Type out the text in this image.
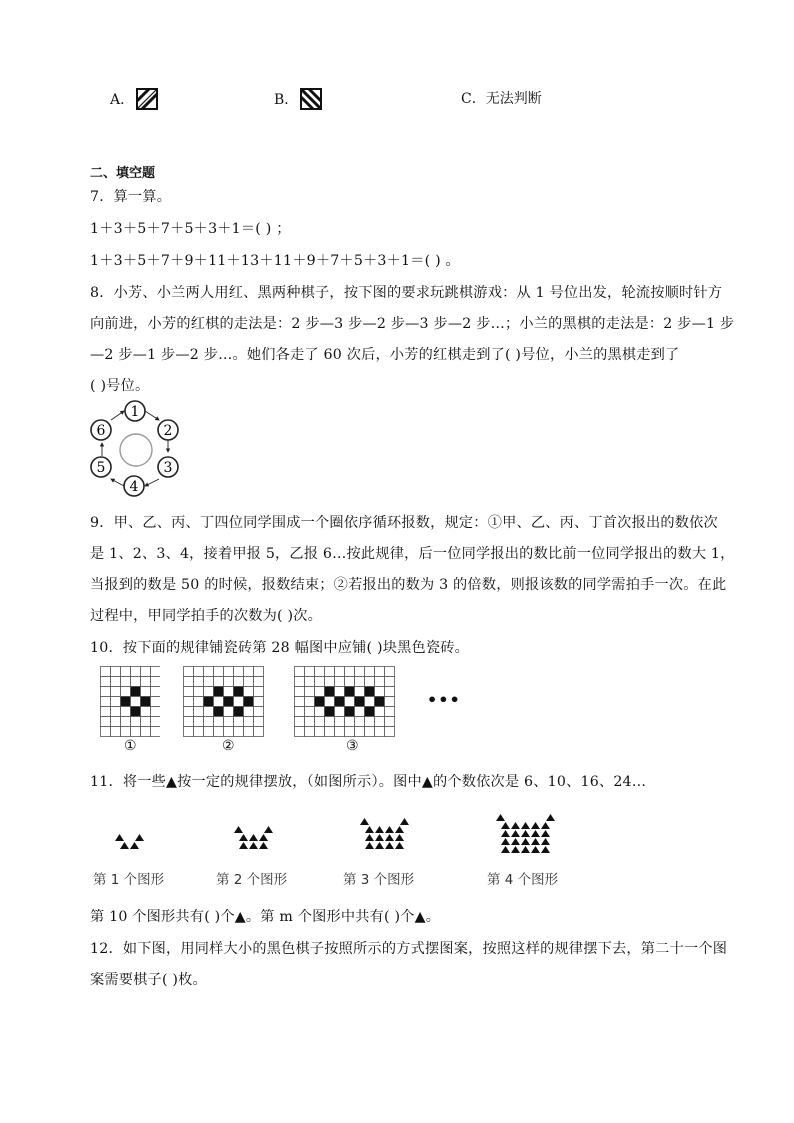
A．	B．	C．无法判断
二、填空题
7．算一算。
1＋3＋5＋7＋5＋3＋1＝( ) ；
1＋3＋5＋7＋9＋11＋13＋11＋9＋7＋5＋3＋1＝( ) 。
8．小芳、小兰两人用红、黑两种棋子，按下图的要求玩跳棋游戏：从 1 号位出发，轮流按顺时针方
向前进，小芳的红棋的走法是：2 步—3 步—2 步—3 步—2 步…；小兰的黑棋的走法是：2 步—1 步
—2 步—1 步—2 步…。她们各走了 60 次后，小芳的红棋走到了( )号位，小兰的黑棋走到了
( )号位。
1
2
3
4
5
6
9．甲、乙、丙、丁四位同学围成一个圈依序循环报数，规定：①甲、乙、丙、丁首次报出的数依次
是 1、2、3、4，接着甲报 5，乙报 6…按此规律，后一位同学报出的数比前一位同学报出的数大 1，
当报到的数是 50 的时候，报数结束；②若报出的数为 3 的倍数，则报该数的同学需拍手一次。在此
过程中，甲同学拍手的次数为( )次。
10．按下面的规律铺瓷砖第 28 幅图中应铺( )块黑色瓷砖。
•••
①	②	③
11．将一些▲按一定的规律摆放，（如图所示）。图中▲的个数依次是 6、10、16、24…
第 1 个图形	第 2 个图形	第 3 个图形	第 4 个图形
第 10 个图形共有( )个▲。第 m 个图形中共有( )个▲。
12．如下图，用同样大小的黑色棋子按照所示的方式摆图案，按照这样的规律摆下去，第二十一个图
案需要棋子( )枚。
